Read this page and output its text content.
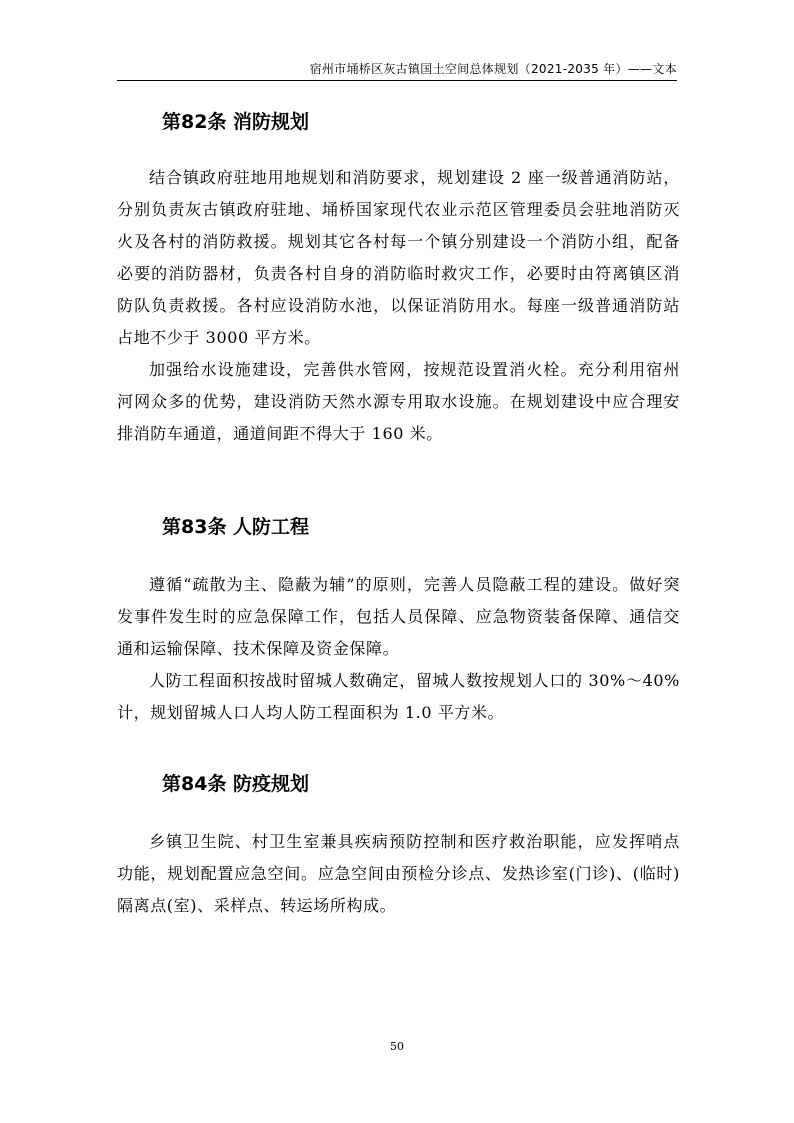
宿州市埇桥区灰古镇国土空间总体规划（2021-2035 年）——文本
第82条 消防规划

结合镇政府驻地用地规划和消防要求，规划建设 2 座一级普通消防站，分别负责灰古镇政府驻地、埇桥国家现代农业示范区管理委员会驻地消防灭火及各村的消防救援。规划其它各村每一个镇分别建设一个消防小组，配备必要的消防器材，负责各村自身的消防临时救灾工作，必要时由符离镇区消防队负责救援。各村应设消防水池，以保证消防用水。每座一级普通消防站占地不少于 3000 平方米。

加强给水设施建设，完善供水管网，按规范设置消火栓。充分利用宿州河网众多的优势，建设消防天然水源专用取水设施。在规划建设中应合理安排消防车通道，通道间距不得大于 160 米。

第83条 人防工程

遵循“疏散为主、隐蔽为辅”的原则，完善人员隐蔽工程的建设。做好突发事件发生时的应急保障工作，包括人员保障、应急物资装备保障、通信交通和运输保障、技术保障及资金保障。

人防工程面积按战时留城人数确定，留城人数按规划人口的 30%～40%计，规划留城人口人均人防工程面积为 1.0 平方米。

第84条 防疫规划

乡镇卫生院、村卫生室兼具疾病预防控制和医疗救治职能，应发挥哨点功能，规划配置应急空间。应急空间由预检分诊点、发热诊室(门诊)、(临时)隔离点(室)、采样点、转运场所构成。

50
